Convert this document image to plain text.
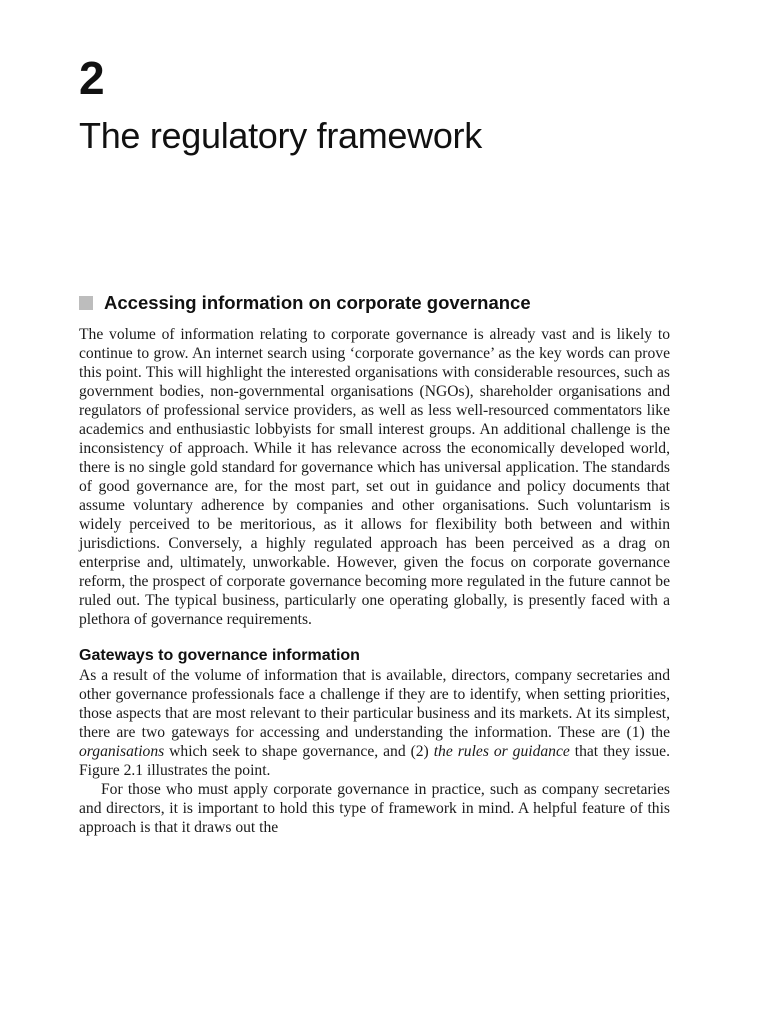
2
The regulatory framework
Accessing information on corporate governance

The volume of information relating to corporate governance is already vast and is likely to continue to grow. An internet search using ‘corporate governance’ as the key words can prove this point. This will highlight the interested organisations with considerable resources, such as government bodies, non-governmental organisations (NGOs), shareholder organisations and regulators of professional service providers, as well as less well-resourced commentators like academics and enthusiastic lobbyists for small interest groups. An additional challenge is the inconsistency of approach. While it has relevance across the economically developed world, there is no single gold standard for governance which has universal application. The standards of good governance are, for the most part, set out in guidance and policy documents that assume voluntary adherence by companies and other organisations. Such voluntarism is widely perceived to be meritorious, as it allows for flexibility both between and within jurisdictions. Conversely, a highly regulated approach has been perceived as a drag on enterprise and, ultimately, unworkable. However, given the focus on corporate governance reform, the prospect of corporate governance becoming more regulated in the future cannot be ruled out. The typical business, particularly one operating globally, is presently faced with a plethora of governance requirements.

Gateways to governance information

As a result of the volume of information that is available, directors, company secretaries and other governance professionals face a challenge if they are to identify, when setting priorities, those aspects that are most relevant to their particular business and its markets. At its simplest, there are two gateways for accessing and understanding the information. These are (1) the organisations which seek to shape governance, and (2) the rules or guidance that they issue. Figure 2.1 illustrates the point.

For those who must apply corporate governance in practice, such as company secretaries and directors, it is important to hold this type of framework in mind. A helpful feature of this approach is that it draws out the
